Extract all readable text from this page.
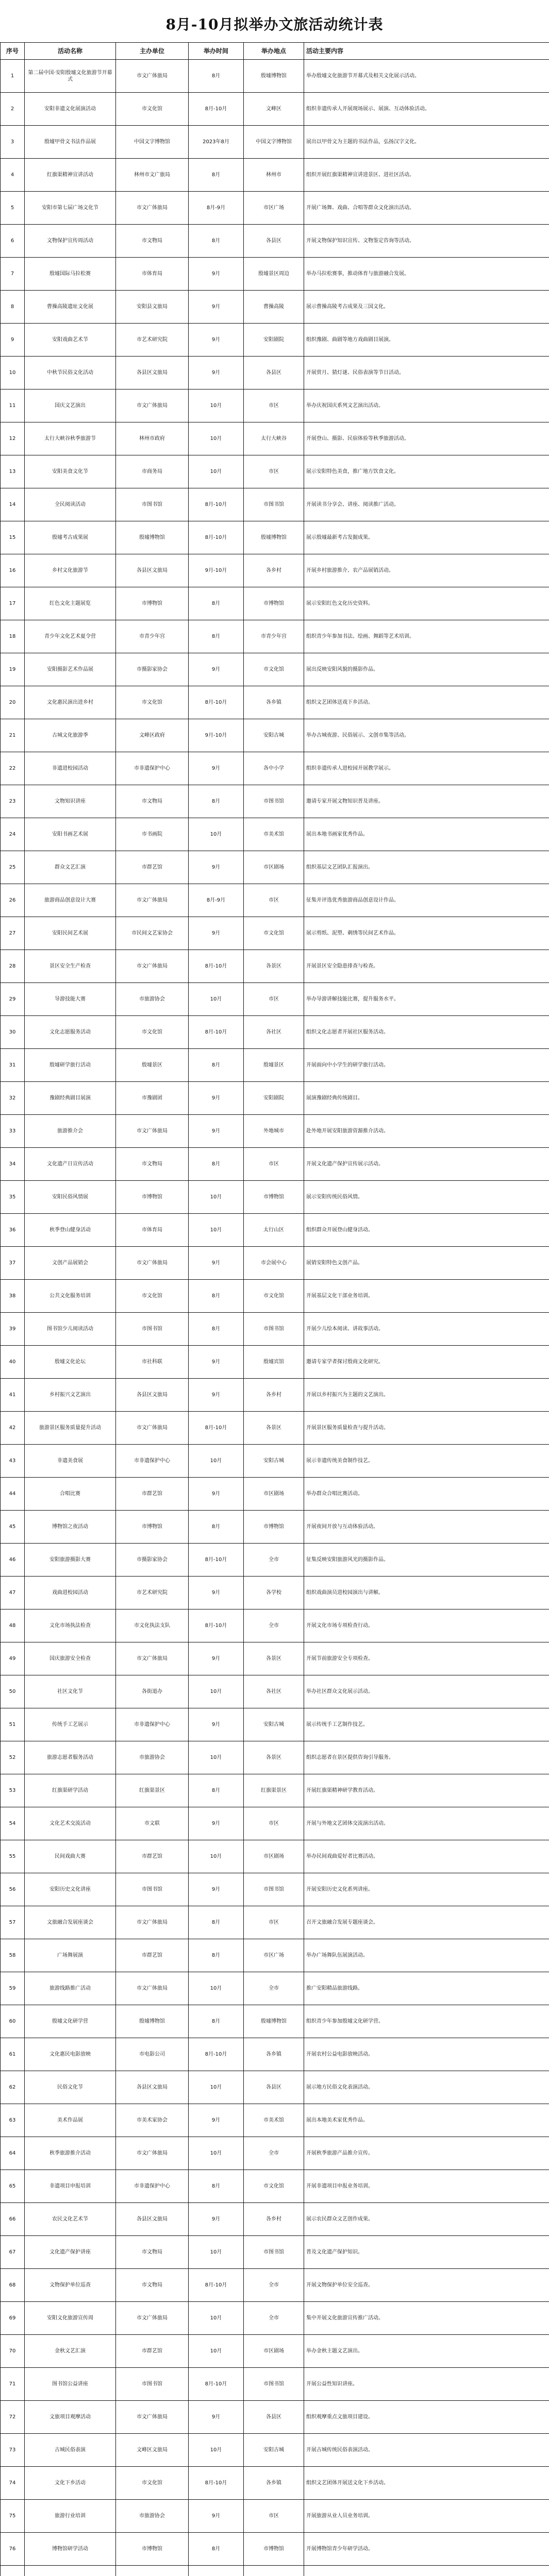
8月-10月拟举办文旅活动统计表
序号	活动名称	主办单位	举办时间	举办地点	活动主要内容
1	第二届中国·安阳殷墟文化旅游节开幕式	市文广体旅局	8月	殷墟博物馆	举办殷墟文化旅游节开幕式及相关文化展示活动。
2	安阳非遗文化展演活动	市文化馆	8月-10月	文峰区	组织非遗传承人开展现场展示、展演、互动体验活动。
3	殷墟甲骨文书法作品展	中国文字博物馆	2023年8月	中国文字博物馆	展出以甲骨文为主题的书法作品，弘扬汉字文化。
4	红旗渠精神宣讲活动	林州市文广旅局	8月	林州市	组织开展红旗渠精神宣讲进景区、进社区活动。
5	安阳市第七届广场文化节	市文广体旅局	8月-9月	市区广场	开展广场舞、戏曲、合唱等群众文化演出活动。
6	文物保护宣传周活动	市文物局	8月	各县区	开展文物保护知识宣传、文物鉴定咨询等活动。
7	殷墟国际马拉松赛	市体育局	9月	殷墟景区周边	举办马拉松赛事，推动体育与旅游融合发展。
8	曹操高陵遗址文化展	安阳县文旅局	9月	曹操高陵	展示曹操高陵考古成果及三国文化。
9	安阳戏曲艺术节	市艺术研究院	9月	安阳剧院	组织豫剧、曲剧等地方戏曲剧目展演。
10	中秋节民俗文化活动	各县区文旅局	9月	各县区	开展赏月、猜灯谜、民俗表演等节日活动。
11	国庆文艺演出	市文广体旅局	10月	市区	举办庆祝国庆系列文艺演出活动。
12	太行大峡谷秋季旅游节	林州市政府	10月	太行大峡谷	开展登山、摄影、民宿体验等秋季旅游活动。
13	安阳美食文化节	市商务局	10月	市区	展示安阳特色美食，推广地方饮食文化。
14	全民阅读活动	市图书馆	8月-10月	市图书馆	开展读书分享会、讲座、阅读推广活动。
15	殷墟考古成果展	殷墟博物馆	8月-10月	殷墟博物馆	展示殷墟最新考古发掘成果。
16	乡村文化旅游节	各县区文旅局	9月-10月	各乡村	开展乡村旅游推介、农产品展销活动。
17	红色文化主题展览	市博物馆	8月	市博物馆	展示安阳红色文化历史资料。
18	青少年文化艺术夏令营	市青少年宫	8月	市青少年宫	组织青少年参加书法、绘画、舞蹈等艺术培训。
19	安阳摄影艺术作品展	市摄影家协会	9月	市文化馆	展出反映安阳风貌的摄影作品。
20	文化惠民演出进乡村	市文化馆	8月-10月	各乡镇	组织文艺团体送戏下乡活动。
21	古城文化旅游季	文峰区政府	9月-10月	安阳古城	举办古城夜游、民俗展示、文创市集等活动。
22	非遗进校园活动	市非遗保护中心	9月	各中小学	组织非遗传承人进校园开展教学展示。
23	文物知识讲座	市文物局	8月	市图书馆	邀请专家开展文物知识普及讲座。
24	安阳书画艺术展	市书画院	10月	市美术馆	展出本地书画家优秀作品。
25	群众文艺汇演	市群艺馆	9月	市区剧场	组织基层文艺团队汇报演出。
26	旅游商品创意设计大赛	市文广体旅局	8月-9月	市区	征集并评选优秀旅游商品创意设计作品。
27	安阳民间艺术展	市民间文艺家协会	9月	市文化馆	展示剪纸、泥塑、刺绣等民间艺术作品。
28	景区安全生产检查	市文广体旅局	8月-10月	各景区	开展景区安全隐患排查与检查。
29	导游技能大赛	市旅游协会	10月	市区	举办导游讲解技能比赛，提升服务水平。
30	文化志愿服务活动	市文化馆	8月-10月	各社区	组织文化志愿者开展社区服务活动。
31	殷墟研学旅行活动	殷墟景区	8月	殷墟景区	开展面向中小学生的研学旅行活动。
32	豫剧经典剧目展演	市豫剧团	9月	安阳剧院	展演豫剧经典传统剧目。
33	旅游推介会	市文广体旅局	9月	外地城市	赴外地开展安阳旅游资源推介活动。
34	文化遗产日宣传活动	市文物局	8月	市区	开展文化遗产保护宣传展示活动。
35	安阳民俗风情展	市博物馆	10月	市博物馆	展示安阳传统民俗风情。
36	秋季登山健身活动	市体育局	10月	太行山区	组织群众开展登山健身活动。
37	文创产品展销会	市文广体旅局	9月	市会展中心	展销安阳特色文创产品。
38	公共文化服务培训	市文化馆	8月	市文化馆	开展基层文化干部业务培训。
39	图书馆少儿阅读活动	市图书馆	8月	市图书馆	开展少儿绘本阅读、讲故事活动。
40	殷墟文化论坛	市社科联	9月	殷墟宾馆	邀请专家学者探讨殷商文化研究。
41	乡村振兴文艺演出	各县区文旅局	9月	各乡村	开展以乡村振兴为主题的文艺演出。
42	旅游景区服务质量提升活动	市文广体旅局	8月-10月	各景区	开展景区服务质量检查与提升活动。
43	非遗美食展	市非遗保护中心	10月	安阳古城	展示非遗传统美食制作技艺。
44	合唱比赛	市群艺馆	9月	市区剧场	举办群众合唱比赛活动。
45	博物馆之夜活动	市博物馆	8月	市博物馆	开展夜间开放与互动体验活动。
46	安阳旅游摄影大赛	市摄影家协会	8月-10月	全市	征集反映安阳旅游风光的摄影作品。
47	戏曲进校园活动	市艺术研究院	9月	各学校	组织戏曲演员进校园演出与讲解。
48	文化市场执法检查	市文化执法支队	8月-10月	全市	开展文化市场专项检查行动。
49	国庆旅游安全检查	市文广体旅局	9月	各景区	开展节前旅游安全专项检查。
50	社区文化节	各街道办	10月	各社区	举办社区群众文化展示活动。
51	传统手工艺展示	市非遗保护中心	9月	安阳古城	展示传统手工艺制作技艺。
52	旅游志愿者服务活动	市旅游协会	10月	各景区	组织志愿者在景区提供咨询引导服务。
53	红旗渠研学活动	红旗渠景区	8月	红旗渠景区	开展红旗渠精神研学教育活动。
54	文化艺术交流活动	市文联	9月	市区	开展与外地文艺团体交流演出活动。
55	民间戏曲大赛	市群艺馆	10月	市区剧场	举办民间戏曲爱好者比赛活动。
56	安阳历史文化讲座	市图书馆	9月	市图书馆	开展安阳历史文化系列讲座。
57	文旅融合发展座谈会	市文广体旅局	8月	市区	召开文旅融合发展专题座谈会。
58	广场舞展演	市群艺馆	8月	市区广场	举办广场舞队伍展演活动。
59	旅游线路推广活动	市文广体旅局	10月	全市	推广安阳精品旅游线路。
60	殷墟文化研学营	殷墟博物馆	8月	殷墟博物馆	组织青少年参加殷墟文化研学营。
61	文化惠民电影放映	市电影公司	8月-10月	各乡镇	开展农村公益电影放映活动。
62	民俗文化节	各县区文旅局	10月	各县区	展示地方民俗文化表演活动。
63	美术作品展	市美术家协会	9月	市美术馆	展出本地美术家优秀作品。
64	秋季旅游推介活动	市文广体旅局	10月	全市	开展秋季旅游产品推介宣传。
65	非遗项目申报培训	市非遗保护中心	8月	市文化馆	开展非遗项目申报业务培训。
66	农民文化艺术节	各县区文旅局	9月	各乡村	展示农民群众文艺创作成果。
67	文化遗产保护讲座	市文物局	10月	市图书馆	普及文化遗产保护知识。
68	文物保护单位巡查	市文物局	8月-10月	全市	开展文物保护单位安全巡查。
69	安阳文化旅游宣传周	市文广体旅局	10月	全市	集中开展文化旅游宣传推广活动。
70	金秋文艺汇演	市群艺馆	10月	市区剧场	举办金秋主题文艺演出。
71	图书馆公益讲座	市图书馆	8月-10月	市图书馆	开展公益性知识讲座。
72	文旅项目观摩活动	市文广体旅局	9月	各县区	组织观摩重点文旅项目建设。
73	古城民俗表演	文峰区文旅局	10月	安阳古城	开展古城传统民俗表演活动。
74	文化下乡活动	市文化馆	8月-10月	各乡镇	组织文艺团体开展送文化下乡活动。
75	旅游行业培训	市旅游协会	9月	市区	开展旅游从业人员业务培训。
76	博物馆研学活动	市博物馆	8月	市博物馆	开展博物馆青少年研学活动。
